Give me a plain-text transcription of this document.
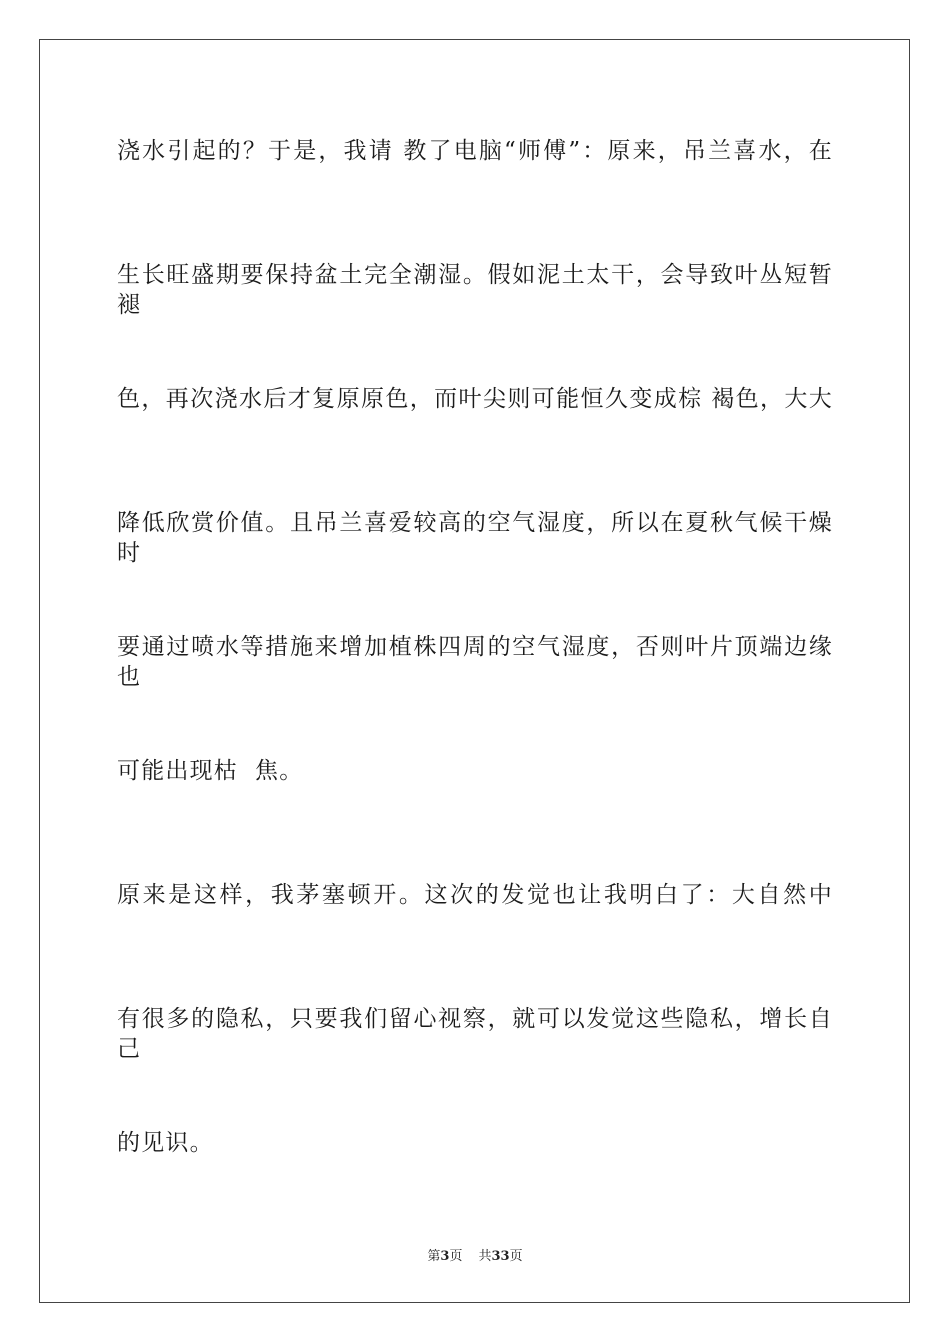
浇水引起的？于是，我请 教了电脑“师傅”：原来，吊兰喜水，在
生长旺盛期要保持盆土完全潮湿。假如泥土太干，会导致叶丛短暂褪
色，再次浇水后才复原原色，而叶尖则可能恒久变成棕 褐色，大大
降低欣赏价值。且吊兰喜爱较高的空气湿度，所以在夏秋气候干燥时
要通过喷水等措施来增加植株四周的空气湿度，否则叶片顶端边缘也
可能出现枯  焦。
原来是这样，我茅塞顿开。这次的发觉也让我明白了：大自然中
有很多的隐私，只要我们留心视察，就可以发觉这些隐私，增长自己
的见识。
第3页 共33页
